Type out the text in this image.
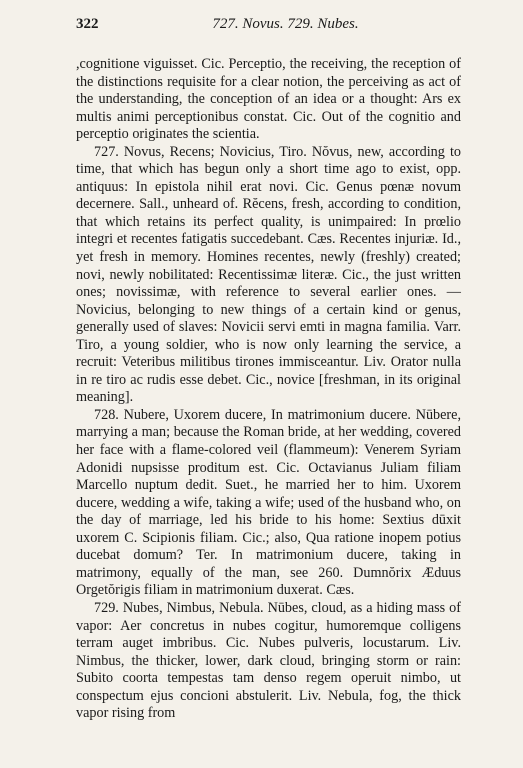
322	727. Novus. 729. Nubes.

,cognitione viguisset. Cic. Perceptio, the receiving, the reception of the distinctions requisite for a clear notion, the perceiving as act of the understanding, the conception of an idea or a thought: Ars ex multis animi perceptionibus constat. Cic. Out of the cognitio and perceptio originates the scientia.

727. Novus, Recens; Novicius, Tiro. Nŏvus, new, according to time, that which has begun only a short time ago to exist, opp. antiquus: In epistola nihil erat novi. Cic. Genus pœnæ novum decernere. Sall., unheard of. Rĕcens, fresh, according to condition, that which retains its perfect quality, is unimpaired: In prœlio integri et recentes fatigatis succedebant. Cæs. Recentes injuriæ. Id., yet fresh in memory. Homines recentes, newly (freshly) created; novi, newly nobilitated: Recentissimæ literæ. Cic., the just written ones; novissimæ, with reference to several earlier ones. — Novicius, belonging to new things of a certain kind or genus, generally used of slaves: Novicii servi emti in magna familia. Varr. Tiro, a young soldier, who is now only learning the service, a recruit: Veteribus militibus tirones immisceantur. Liv. Orator nulla in re tiro ac rudis esse debet. Cic., novice [freshman, in its original meaning].

728. Nubere, Uxorem ducere, In matrimonium ducere. Nūbere, marrying a man; because the Roman bride, at her wedding, covered her face with a flame-colored veil (flammeum): Venerem Syriam Adonidi nupsisse proditum est. Cic. Octavianus Juliam filiam Marcello nuptum dedit. Suet., he married her to him. Uxorem ducere, wedding a wife, taking a wife; used of the husband who, on the day of marriage, led his bride to his home: Sextius dūxit uxorem C. Scipionis filiam. Cic.; also, Qua ratione inopem potius ducebat domum? Ter. In matrimonium ducere, taking in matrimony, equally of the man, see 260. Dumnŏrix Æduus Orgetŏrigis filiam in matrimonium duxerat. Cæs.

729. Nubes, Nimbus, Nebula. Nūbes, cloud, as a hiding mass of vapor: Aer concretus in nubes cogitur, humoremque colligens terram auget imbribus. Cic. Nubes pulveris, locustarum. Liv. Nimbus, the thicker, lower, dark cloud, bringing storm or rain: Subito coorta tempestas tam denso regem operuit nimbo, ut conspectum ejus concioni abstulerit. Liv. Nebula, fog, the thick vapor rising from
